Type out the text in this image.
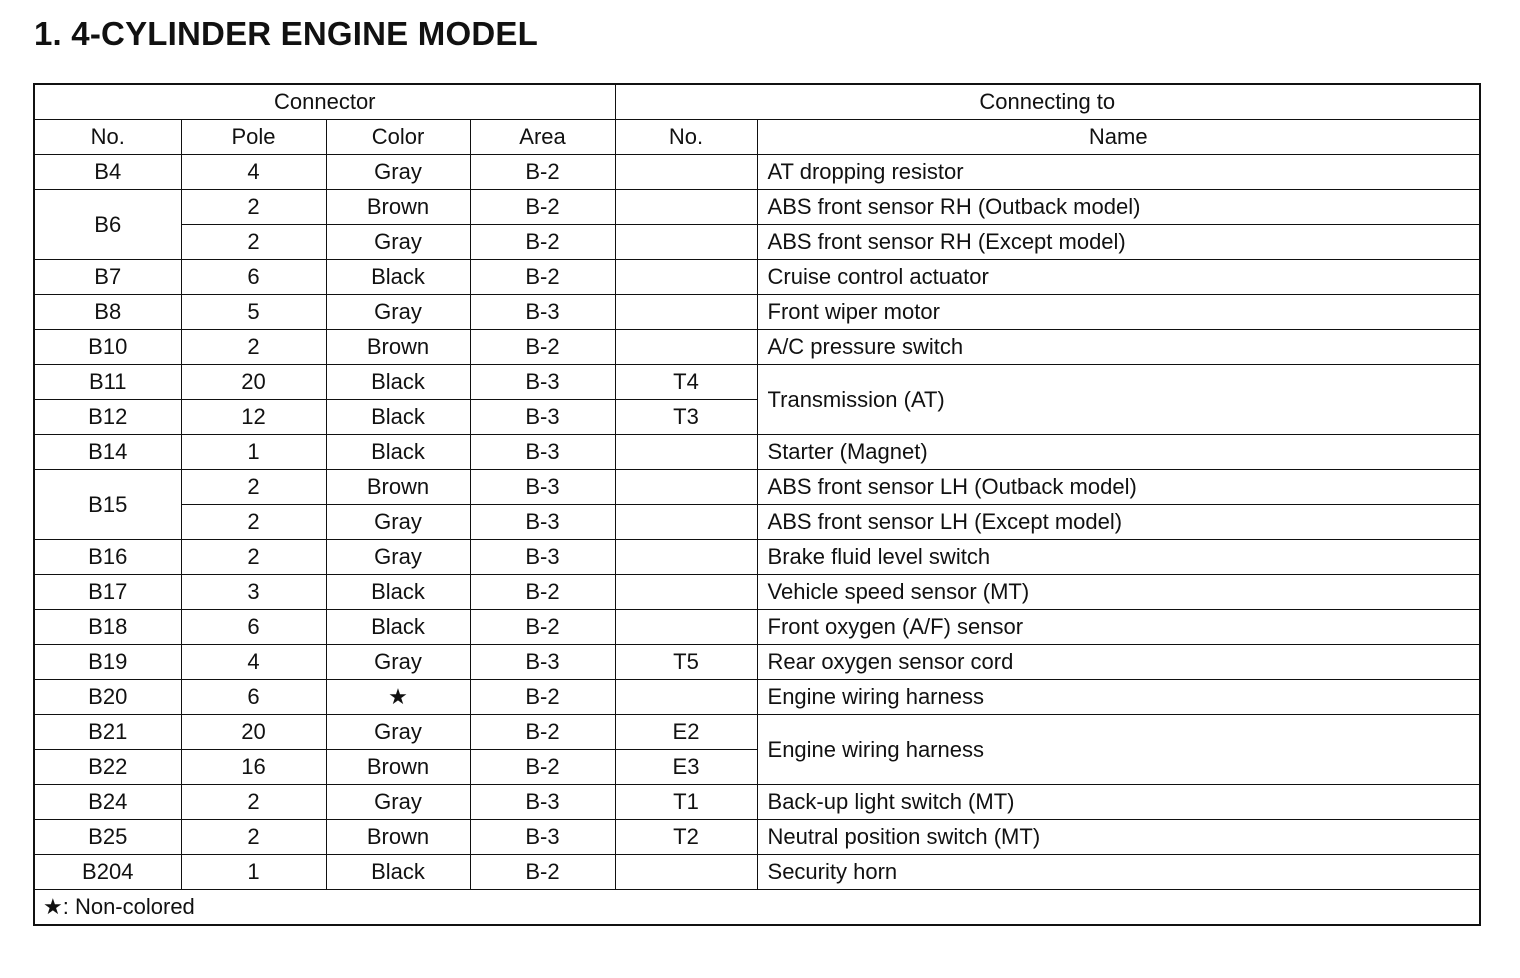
1. 4-CYLINDER ENGINE MODEL
Connector				Connecting to	
No.	Pole	Color	Area	No.	Name
B4	4	Gray	B-2		AT dropping resistor
B6	2	Brown	B-2		ABS front sensor RH (Outback model)
	2	Gray	B-2		ABS front sensor RH (Except model)
B7	6	Black	B-2		Cruise control actuator
B8	5	Gray	B-3		Front wiper motor
B10	2	Brown	B-2		A/C pressure switch
B11	20	Black	B-3	T4	Transmission (AT)
B12	12	Black	B-3	T3	
B14	1	Black	B-3		Starter (Magnet)
B15	2	Brown	B-3		ABS front sensor LH (Outback model)
	2	Gray	B-3		ABS front sensor LH (Except model)
B16	2	Gray	B-3		Brake fluid level switch
B17	3	Black	B-2		Vehicle speed sensor (MT)
B18	6	Black	B-2		Front oxygen (A/F) sensor
B19	4	Gray	B-3	T5	Rear oxygen sensor cord
B20	6	★	B-2		Engine wiring harness
B21	20	Gray	B-2	E2	Engine wiring harness
B22	16	Brown	B-2	E3	
B24	2	Gray	B-3	T1	Back-up light switch (MT)
B25	2	Brown	B-3	T2	Neutral position switch (MT)
B204	1	Black	B-2		Security horn
★: Non-colored					
